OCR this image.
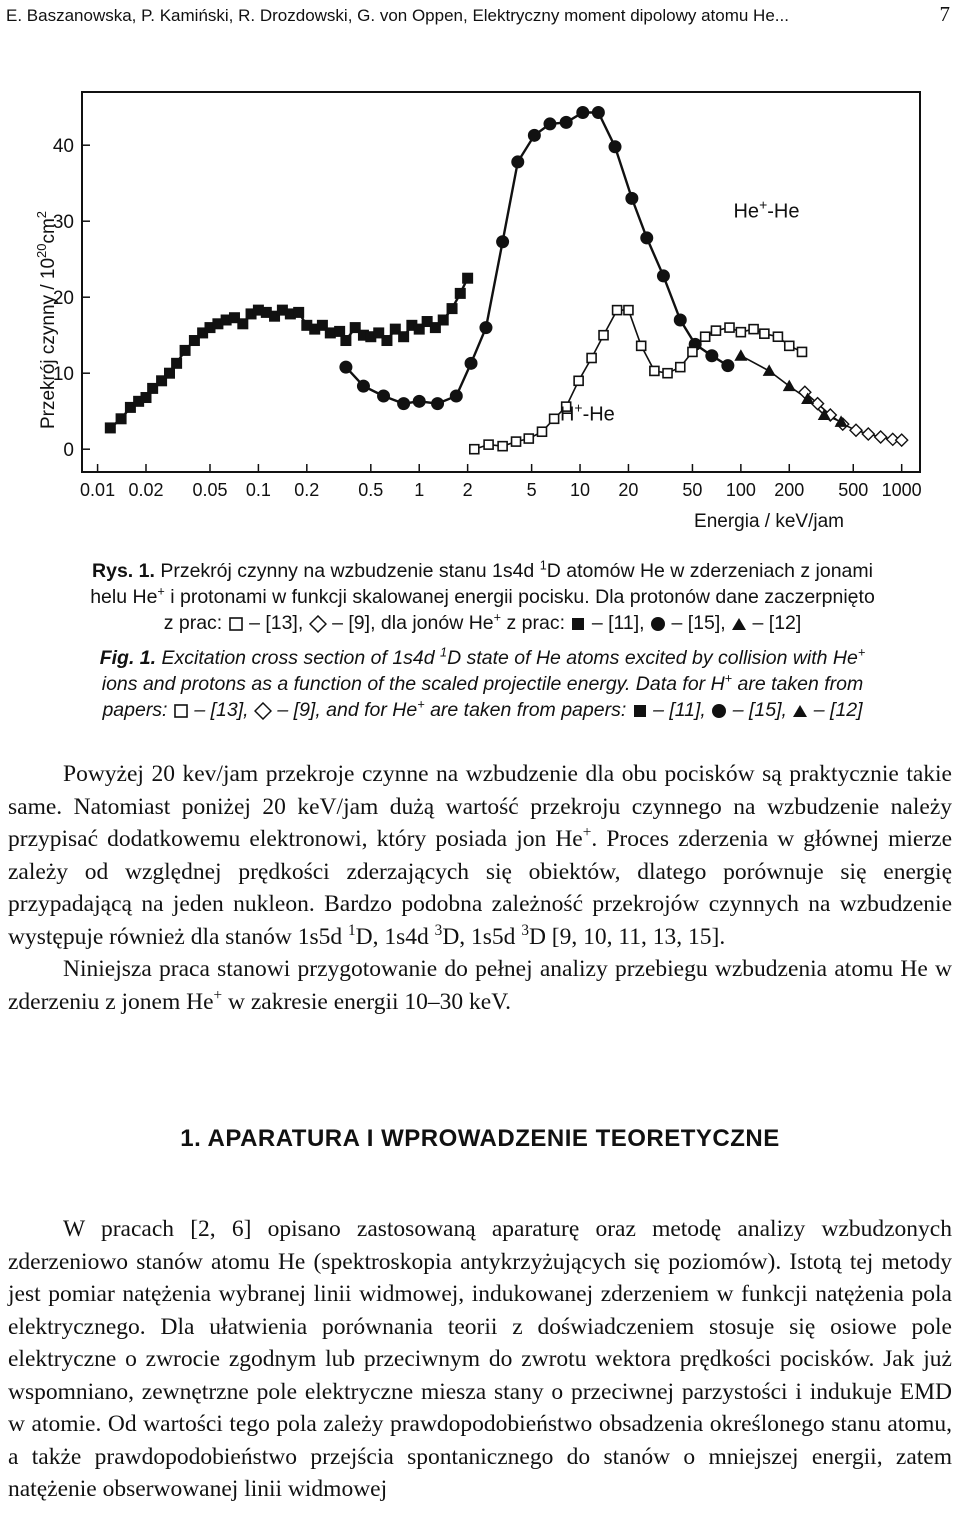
E. Baszanowska, P. Kamiński, R. Drozdowski, G. von Oppen, Elektryczny moment dipolowy atomu He...	7
0
10
20
30
40
0.01 0.02 0.05 0.1 0.2 0.5 1 2	5 10 20 50 100 200 500 1000
He+-He
H+-He
Przekrój czynny / $10^{20}cm^2$
Energia / keV/jam
Rys. 1. Przekrój czynny na wzbudzenie stanu 1s4d $^1$D atomów He w zderzeniach z jonami
helu He+ i protonami w funkcji skalowanej energii pocisku. Dla protonów dane zaczerpnięto
z prac: – [13], – [9], dla jonów He+ z prac: – [11], – [15], – [12]
Fig. 1. Excitation cross section of 1s4d $^1$D state of He atoms excited by collision with He+
ions and protons as a function of the scaled projectile energy. Data for H+ are taken from
papers: – [13], – [9], and for He+ are taken from papers: – [11], – [15], – [12]

Powyżej 20 kev/jam przekroje czynne na wzbudzenie dla obu pocisków są praktycznie takie same. Natomiast poniżej 20 keV/jam dużą wartość przekroju czynnego na wzbudzenie należy przypisać dodatkowemu elektronowi, który posiada jon He+. Proces zderzenia w głównej mierze zależy od względnej prędkości zderzających się obiektów, dlatego porównuje się energię przypadającą na jeden nukleon. Bardzo podobna zależność przekrojów czynnych na wzbudzenie występuje również dla stanów 1s5d $^1$D, 1s4d $^3$D, 1s5d $^3$D [9, 10, 11, 13, 15].

Niniejsza praca stanowi przygotowanie do pełnej analizy przebiegu wzbudzenia atomu He w zderzeniu z jonem He+ w zakresie energii 10–30 keV.

1. APARATURA I WPROWADZENIE TEORETYCZNE

W pracach [2, 6] opisano zastosowaną aparaturę oraz metodę analizy wzbudzonych zderzeniowo stanów atomu He (spektroskopia antykrzyżujących się poziomów). Istotą tej metody jest pomiar natężenia wybranej linii widmowej, indukowanej zderzeniem w funkcji natężenia pola elektrycznego. Dla ułatwienia porównania teorii z doświadczeniem stosuje się osiowe pole elektryczne o zwrocie zgodnym lub przeciwnym do zwrotu wektora prędkości pocisków. Jak już wspomniano, zewnętrzne pole elektryczne miesza stany o przeciwnej parzystości i indukuje EMD w atomie. Od wartości tego pola zależy prawdopodobieństwo obsadzenia określonego stanu atomu, a także prawdopodobieństwo przejścia spontanicznego do stanów o mniejszej energii, zatem natężenie obserwowanej linii widmowej
